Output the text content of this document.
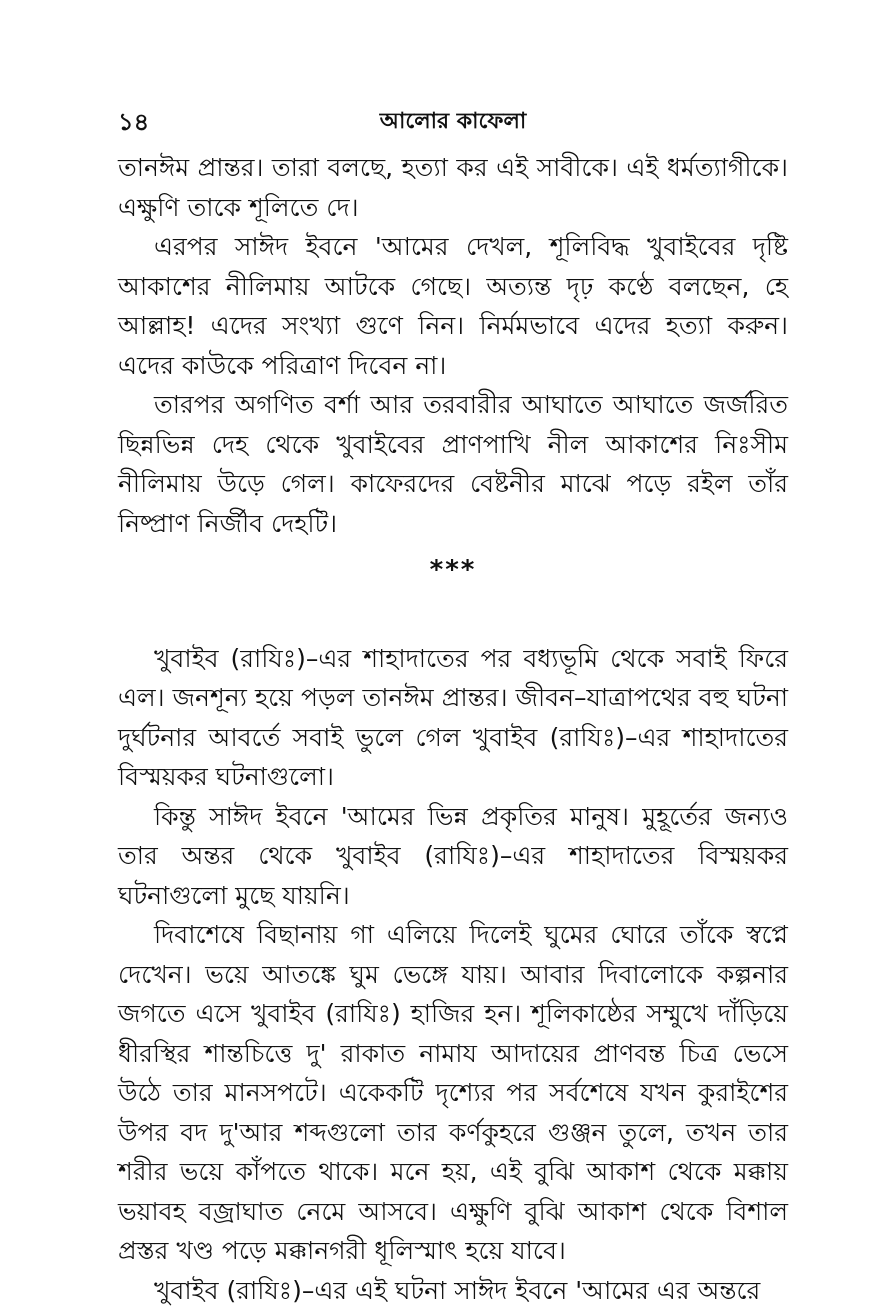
১৪	আলোর কাফেলা

তানঈম প্রান্তর। তারা বলছে, হত্যা কর এই সাবীকে। এই ধর্মত্যাগীকে। এক্ষুণি তাকে শূলিতে দে।

এরপর সাঈদ ইবনে 'আমের দেখল, শূলিবিদ্ধ খুবাইবের দৃষ্টি আকাশের নীলিমায় আটকে গেছে। অত্যন্ত দৃঢ় কণ্ঠে বলছেন, হে আল্লাহ! এদের সংখ্যা গুণে নিন। নির্মমভাবে এদের হত্যা করুন। এদের কাউকে পরিত্রাণ দিবেন না।

তারপর অগণিত বর্শা আর তরবারীর আঘাতে আঘাতে জর্জরিত ছিন্নভিন্ন দেহ থেকে খুবাইবের প্রাণপাখি নীল আকাশের নিঃসীম নীলিমায় উড়ে গেল। কাফেরদের বেষ্টনীর মাঝে পড়ে রইল তাঁর নিষ্প্রাণ নির্জীব দেহটি।

***

খুবাইব (রাযিঃ)–এর শাহাদাতের পর বধ্যভূমি থেকে সবাই ফিরে এল। জনশূন্য হয়ে পড়ল তানঈম প্রান্তর। জীবন–যাত্রাপথের বহু ঘটনা দুর্ঘটনার আবর্তে সবাই ভুলে গেল খুবাইব (রাযিঃ)–এর শাহাদাতের বিস্ময়কর ঘটনাগুলো।

কিন্তু সাঈদ ইবনে 'আমের ভিন্ন প্রকৃতির মানুষ। মুহূর্তের জন্যও তার অন্তর থেকে খুবাইব (রাযিঃ)–এর শাহাদাতের বিস্ময়কর ঘটনাগুলো মুছে যায়নি।

দিবাশেষে বিছানায় গা এলিয়ে দিলেই ঘুমের ঘোরে তাঁকে স্বপ্নে দেখেন। ভয়ে আতঙ্কে ঘুম ভেঙ্গে যায়। আবার দিবালোকে কল্পনার জগতে এসে খুবাইব (রাযিঃ) হাজির হন। শূলিকাষ্ঠের সম্মুখে দাঁড়িয়ে ধীরস্থির শান্তচিত্তে দু' রাকাত নামায আদায়ের প্রাণবন্ত চিত্র ভেসে উঠে তার মানসপটে। একেকটি দৃশ্যের পর সর্বশেষে যখন কুরাইশের উপর বদ দু'আর শব্দগুলো তার কর্ণকুহরে গুঞ্জন তুলে, তখন তার শরীর ভয়ে কাঁপতে থাকে। মনে হয়, এই বুঝি আকাশ থেকে মক্কায় ভয়াবহ বজ্রাঘাত নেমে আসবে। এক্ষুণি বুঝি আকাশ থেকে বিশাল প্রস্তর খণ্ড পড়ে মক্কানগরী ধূলিস্মাৎ হয়ে যাবে।

খুবাইব (রাযিঃ)–এর এই ঘটনা সাঈদ ইবনে 'আমের এর অন্তরে
